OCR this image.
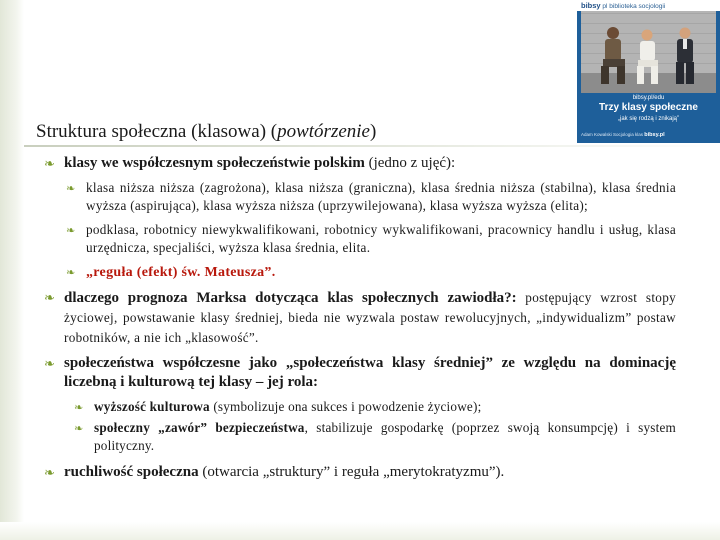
bibsy pl biblioteka socjologii
bibsy.pl/edu
Trzy klasy społeczne
„jak się rodzą i znikają”
Adam Kowalski Socjologia klas bibsy.pl
Struktura społeczna (klasowa) (powtórzenie)
❧ klasy we współczesnym społeczeństwie polskim (jedno z ujęć):
❧ klasa niższa niższa (zagrożona), klasa niższa (graniczna), klasa średnia niższa (stabilna), klasa średnia wyższa (aspirująca), klasa wyższa niższa (uprzywilejowana), klasa wyższa wyższa (elita);
❧ podklasa, robotnicy niewykwalifikowani, robotnicy wykwalifikowani, pracownicy handlu i usług, klasa urzędnicza, specjaliści, wyższa klasa średnia, elita.
❧ „reguła (efekt) św. Mateusza”.
❧ dlaczego prognoza Marksa dotycząca klas społecznych zawiodła?: postępujący wzrost stopy życiowej, powstawanie klasy średniej, bieda nie wyzwala postaw rewolucyjnych, „indywidualizm” postaw robotników, a nie ich „klasowość”.
❧ społeczeństwa współczesne jako „społeczeństwa klasy średniej” ze względu na dominację liczebną i kulturową tej klasy – jej rola:
❧ wyższość kulturowa (symbolizuje ona sukces i powodzenie życiowe);
❧ społeczny „zawór” bezpieczeństwa, stabilizuje gospodarkę (poprzez swoją konsumpcję) i system polityczny.
❧ ruchliwość społeczna (otwarcia „struktury” i reguła „merytokratyzmu”).
